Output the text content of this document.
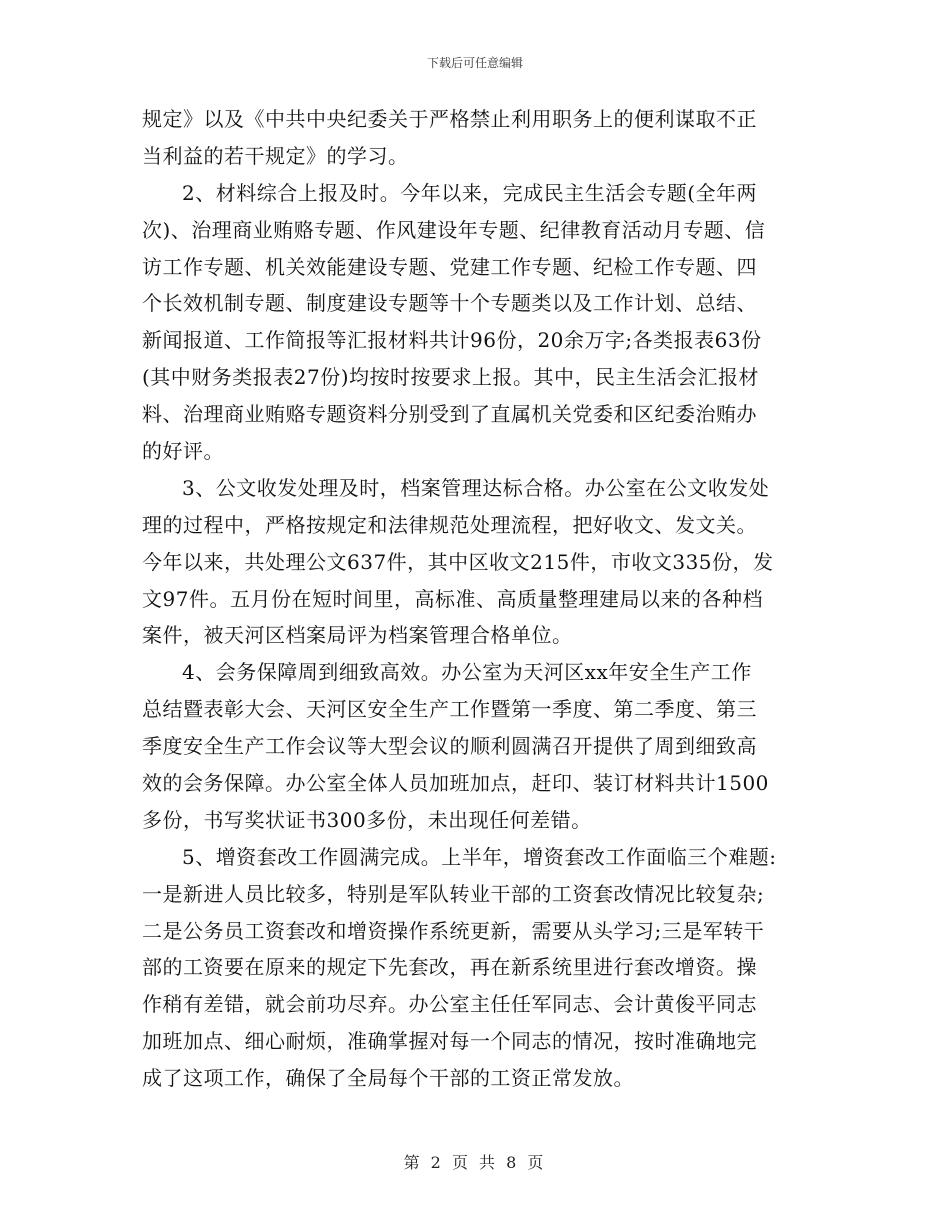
下载后可任意编辑
规定》以及《中共中央纪委关于严格禁止利用职务上的便利谋取不正
当利益的若干规定》的学习。
2、材料综合上报及时。今年以来，完成民主生活会专题(全年两
次)、治理商业贿赂专题、作风建设年专题、纪律教育活动月专题、信
访工作专题、机关效能建设专题、党建工作专题、纪检工作专题、四
个长效机制专题、制度建设专题等十个专题类以及工作计划、总结、
新闻报道、工作简报等汇报材料共计96份，20余万字;各类报表63份
(其中财务类报表27份)均按时按要求上报。其中，民主生活会汇报材
料、治理商业贿赂专题资料分别受到了直属机关党委和区纪委治贿办
的好评。
3、公文收发处理及时，档案管理达标合格。办公室在公文收发处
理的过程中，严格按规定和法律规范处理流程，把好收文、发文关。
今年以来，共处理公文637件，其中区收文215件，市收文335份，发
文97件。五月份在短时间里，高标准、高质量整理建局以来的各种档
案件，被天河区档案局评为档案管理合格单位。
4、会务保障周到细致高效。办公室为天河区xx年安全生产工作
总结暨表彰大会、天河区安全生产工作暨第一季度、第二季度、第三
季度安全生产工作会议等大型会议的顺利圆满召开提供了周到细致高
效的会务保障。办公室全体人员加班加点，赶印、装订材料共计1500
多份，书写奖状证书300多份，未出现任何差错。
5、增资套改工作圆满完成。上半年，增资套改工作面临三个难题:
一是新进人员比较多，特别是军队转业干部的工资套改情况比较复杂;
二是公务员工资套改和增资操作系统更新，需要从头学习;三是军转干
部的工资要在原来的规定下先套改，再在新系统里进行套改增资。操
作稍有差错，就会前功尽弃。办公室主任任军同志、会计黄俊平同志
加班加点、细心耐烦，准确掌握对每一个同志的情况，按时准确地完
成了这项工作，确保了全局每个干部的工资正常发放。
第 2 页 共 8 页
